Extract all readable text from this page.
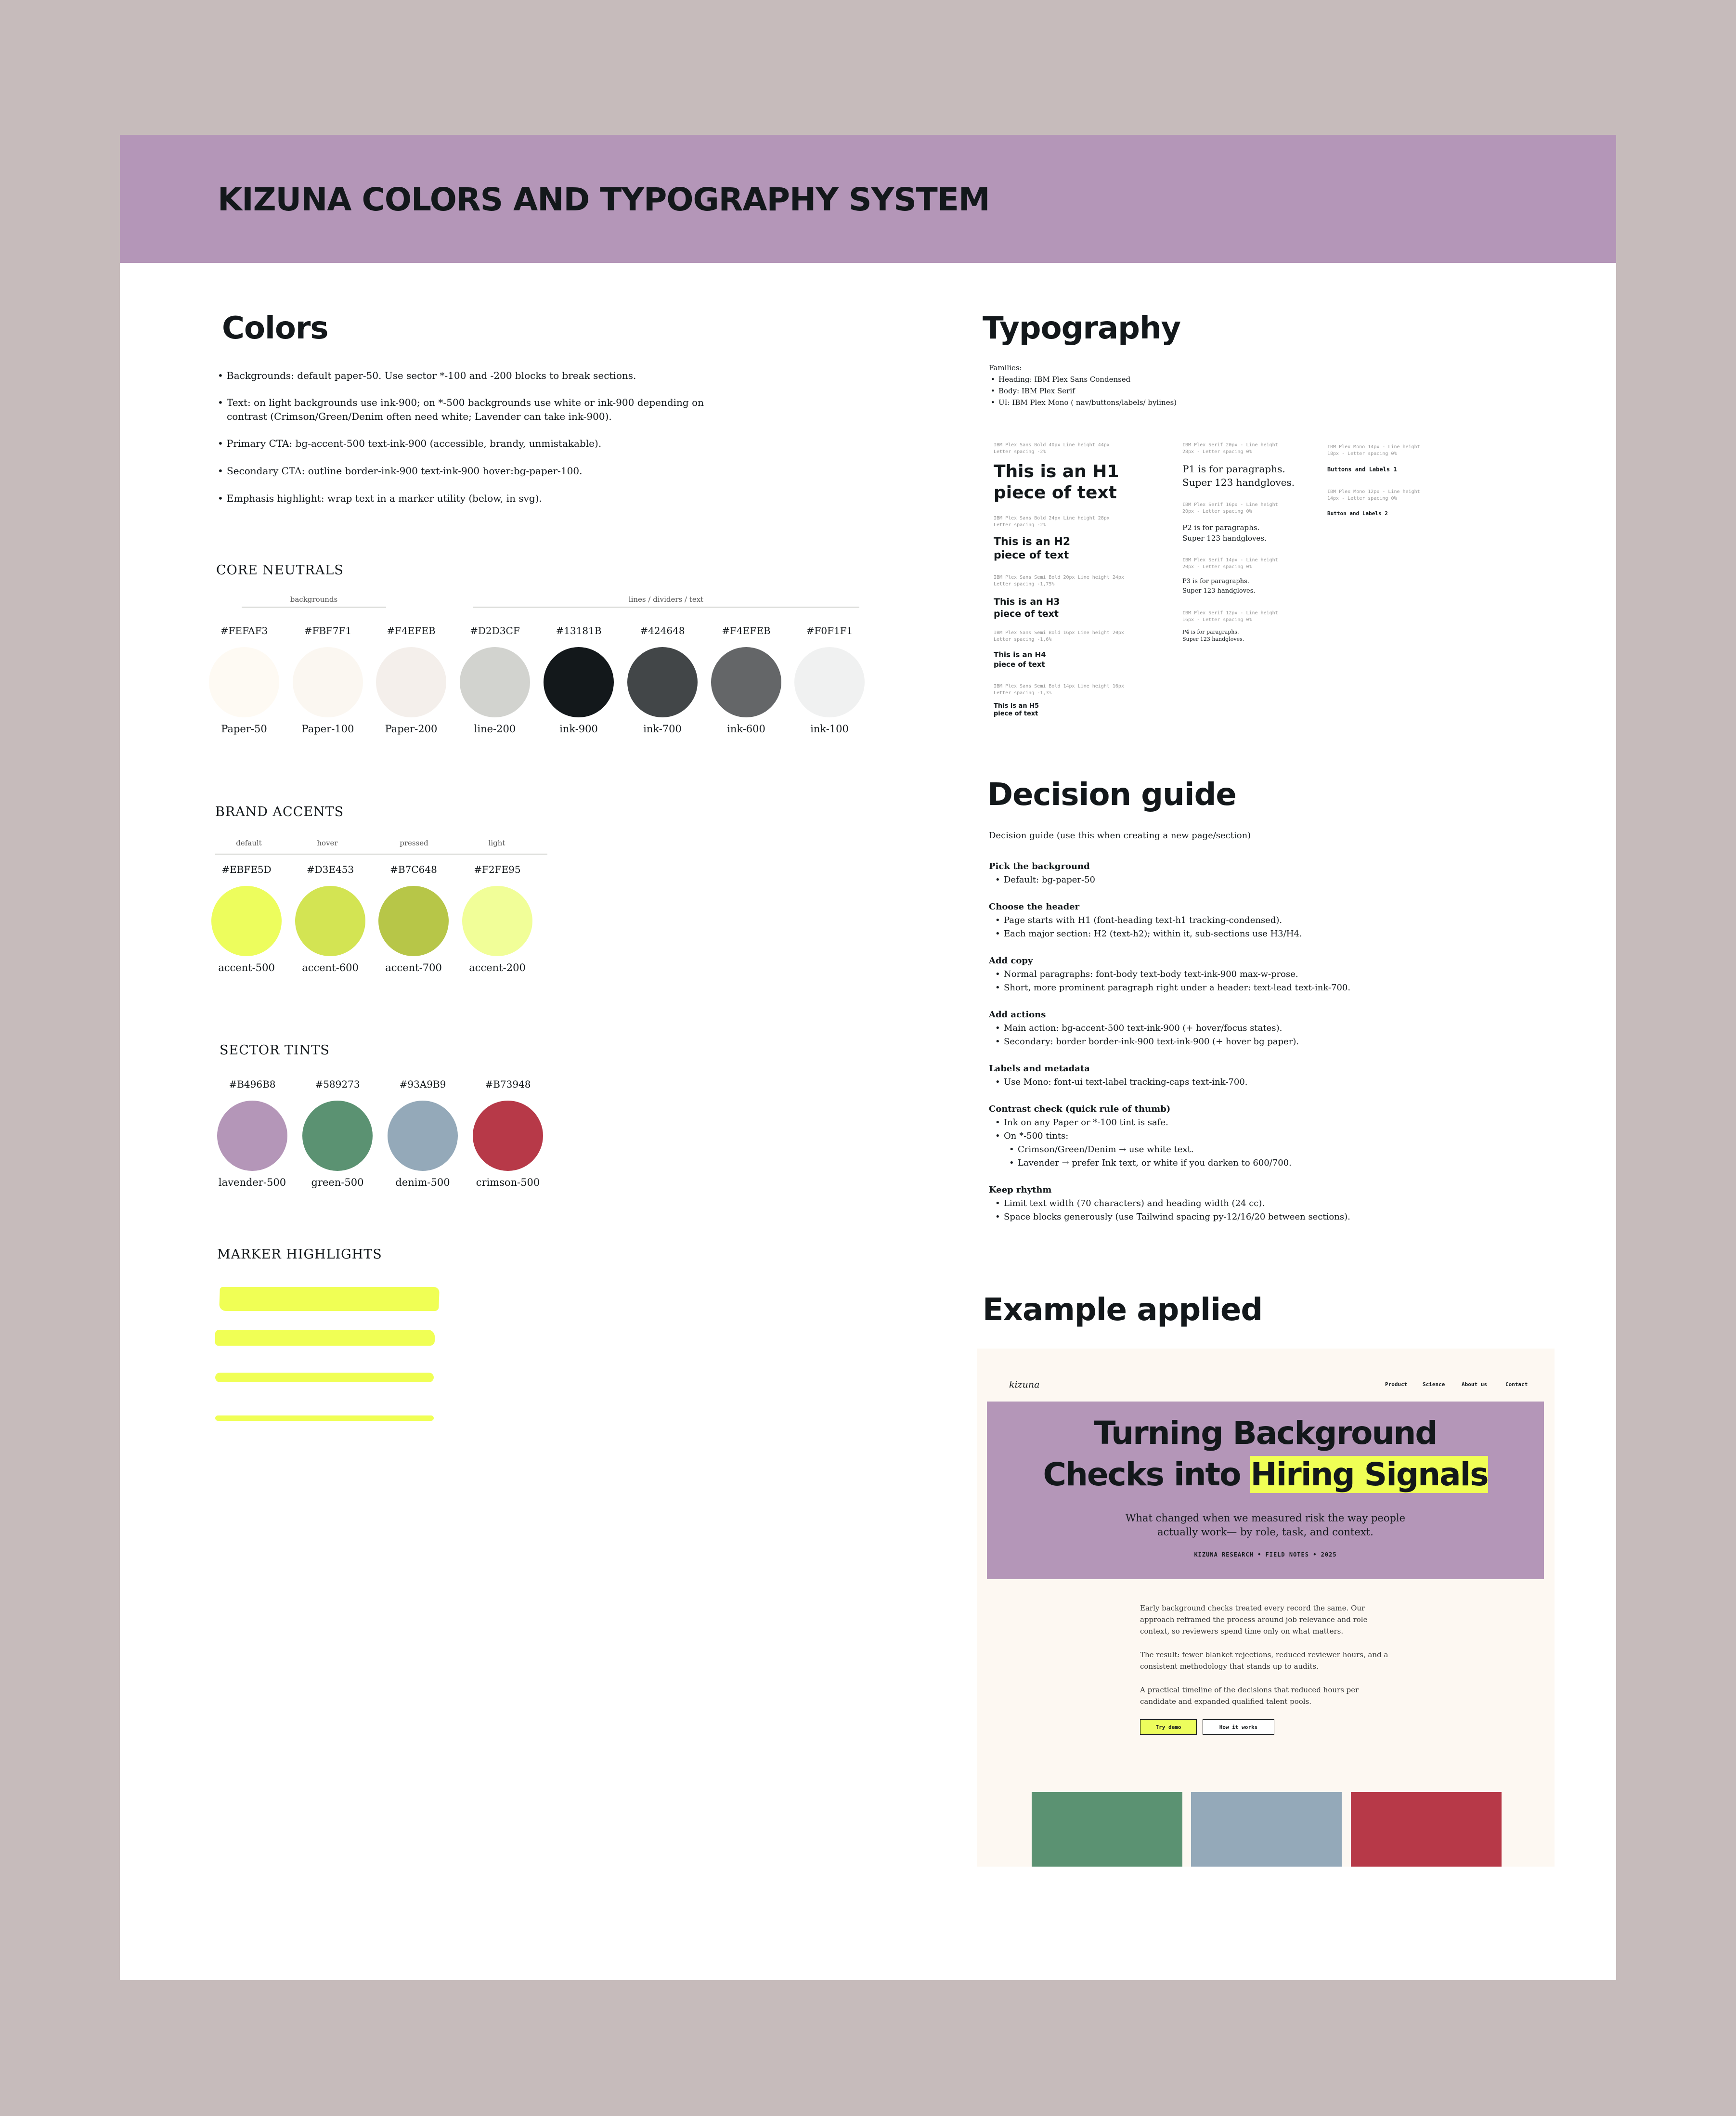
KIZUNA COLORS AND TYPOGRAPHY SYSTEM
Colors
• Backgrounds: default paper-50. Use sector *-100 and -200 blocks to break sections.
• Text: on light backgrounds use ink-900; on *-500 backgrounds use white or ink-900 depending on
contrast (Crimson/Green/Denim often need white; Lavender can take ink-900).
• Primary CTA: bg-accent-500 text-ink-900 (accessible, brandy, unmistakable).
• Secondary CTA: outline border-ink-900 text-ink-900 hover:bg-paper-100.
• Emphasis highlight: wrap text in a marker utility (below, in svg).
CORE NEUTRALS
backgrounds	lines / dividers / text
#FEFAF3
Paper-50
#FBF7F1
Paper-100
#F4EFEB
Paper-200
#D2D3CF
line-200
#13181B
ink-900
#424648
ink-700
#F4EFEB
ink-600
#F0F1F1
ink-100
BRAND ACCENTS
default	hover	pressed	light
#EBFE5D
accent-500
#D3E453
accent-600
#B7C648
accent-700
#F2FE95
accent-200
SECTOR TINTS
#B496B8
lavender-500
#589273
green-500
#93A9B9
denim-500
#B73948
crimson-500
MARKER HIGHLIGHTS
Typography
Families:
• Heading: IBM Plex Sans Condensed
• Body: IBM Plex Serif
• UI: IBM Plex Mono ( nav/buttons/labels/ bylines)
IBM Plex Sans Bold 40px Line height 44px
Letter spacing -2%
This is an H1
piece of text
IBM Plex Sans Bold 24px Line height 28px
Letter spacing -2%
This is an H2
piece of text
IBM Plex Sans Semi Bold 20px Line height 24px
Letter spacing -1,75%
This is an H3
piece of text
IBM Plex Sans Semi Bold 16px Line height 20px
Letter spacing -1,6%
This is an H4
piece of text
IBM Plex Sans Semi Bold 14px Line height 16px
Letter spacing -1,3%
This is an H5
piece of text
IBM Plex Serif 20px - Line height
28px - Letter spacing 0%
P1 is for paragraphs.
Super 123 handgloves.
IBM Plex Serif 16px - Line height
20px - Letter spacing 0%
P2 is for paragraphs.
Super 123 handgloves.
IBM Plex Serif 14px - Line height
20px - Letter spacing 0%
P3 is for paragraphs.
Super 123 handgloves.
IBM Plex Serif 12px - Line height
16px - Letter spacing 0%
P4 is for paragraphs.
Super 123 handgloves.
IBM Plex Mono 14px - Line height
18px - Letter spacing 0%
Buttons and Labels 1
IBM Plex Mono 12px - Line height
14px - Letter spacing 0%
Button and Labels 2
Decision guide
Decision guide (use this when creating a new page/section)
Pick the background
• Default: bg-paper-50
Choose the header
• Page starts with H1 (font-heading text-h1 tracking-condensed).
• Each major section: H2 (text-h2); within it, sub-sections use H3/H4.
Add copy
• Normal paragraphs: font-body text-body text-ink-900 max-w-prose.
• Short, more prominent paragraph right under a header: text-lead text-ink-700.
Add actions
• Main action: bg-accent-500 text-ink-900 (+ hover/focus states).
• Secondary: border border-ink-900 text-ink-900 (+ hover bg paper).
Labels and metadata
• Use Mono: font-ui text-label tracking-caps text-ink-700.
Contrast check (quick rule of thumb)
• Ink on any Paper or *-100 tint is safe.
• On *-500 tints:
• Crimson/Green/Denim → use white text.
• Lavender → prefer Ink text, or white if you darken to 600/700.
Keep rhythm
• Limit text width (70 characters) and heading width (24 cc).
• Space blocks generously (use Tailwind spacing py-12/16/20 between sections).
Example applied
kizuna	Product	Science	About us	Contact
Turning Background
Checks into Hiring Signals
What changed when we measured risk the way people
actually work— by role, task, and context.
KIZUNA RESEARCH • FIELD NOTES • 2025
Early background checks treated every record the same. Our approach reframed the process around job relevance and role context, so reviewers spend time only on what matters.
The result: fewer blanket rejections, reduced reviewer hours, and a consistent methodology that stands up to audits.
A practical timeline of the decisions that reduced hours per candidate and expanded qualified talent pools.
Try demo	How it works
